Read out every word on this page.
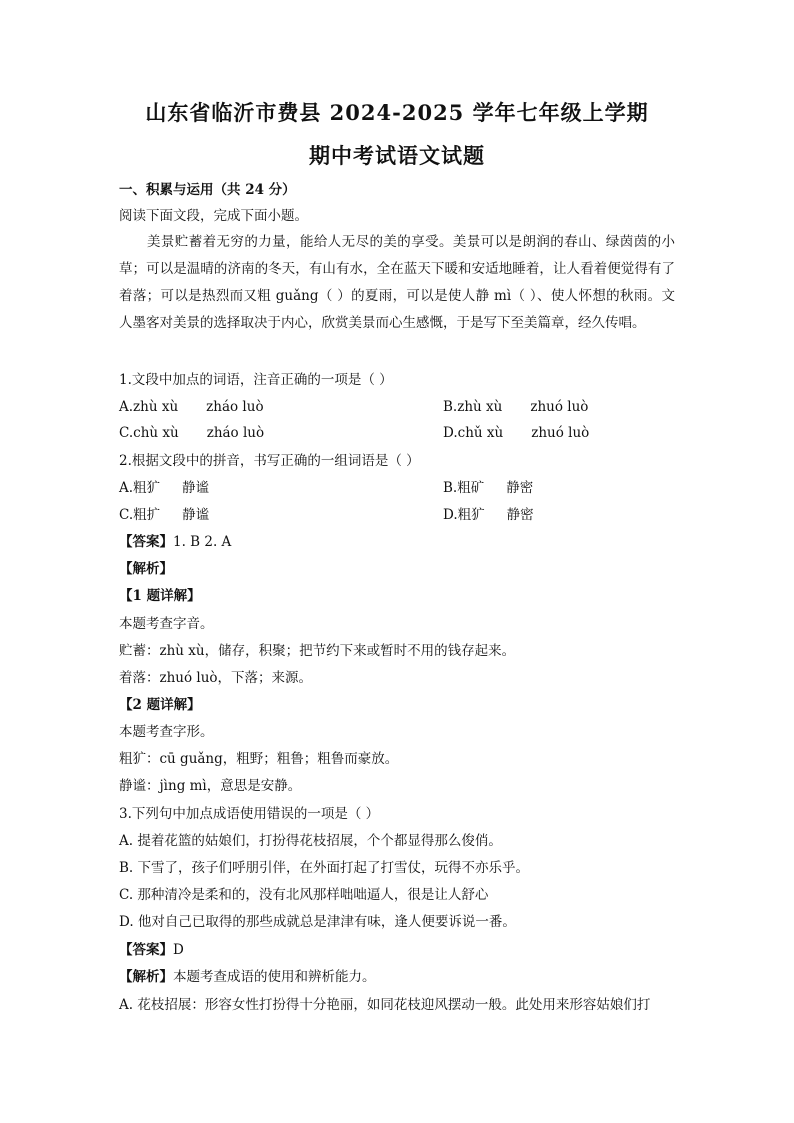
山东省临沂市费县 2024-2025 学年七年级上学期
期中考试语文试题
一、积累与运用（共 24 分）
阅读下面文段，完成下面小题。
美景贮蓄着无穷的力量，能给人无尽的美的享受。美景可以是朗润的春山、绿茵茵的小草；可以是温晴的济南的冬天，有山有水，全在蓝天下暖和安适地睡着，让人看着便觉得有了着落；可以是热烈而又粗 guǎng（ ）的夏雨，可以是使人静 mì（ ）、使人怀想的秋雨。文人墨客对美景的选择取决于内心，欣赏美景而心生感慨，于是写下至美篇章，经久传唱。
1.文段中加点的词语，注音正确的一项是（ ）
A.zhù xù zháo luò	B.zhù xù zhuó luò
C.chù xù zháo luò	D.chǔ xù zhuó luò
2.根据文段中的拼音，书写正确的一组词语是（ ）
A.粗犷 静谧	B.粗矿 静密
C.粗扩 静谧	D.粗犷 静密
【答案】1. B 2. A
【解析】
【1 题详解】
本题考查字音。
贮蓄：zhù xù，储存，积聚；把节约下来或暂时不用的钱存起来。
着落：zhuó luò，下落；来源。
【2 题详解】
本题考查字形。
粗犷：cū guǎng，粗野；粗鲁；粗鲁而豪放。
静谧：jìng mì，意思是安静。
3.下列句中加点成语使用错误的一项是（ ）
A. 提着花篮的姑娘们，打扮得花枝招展，个个都显得那么俊俏。
B. 下雪了，孩子们呼朋引伴，在外面打起了打雪仗，玩得不亦乐乎。
C. 那种清冷是柔和的，没有北风那样咄咄逼人，很是让人舒心
D. 他对自己已取得的那些成就总是津津有味，逢人便要诉说一番。
【答案】D
【解析】本题考查成语的使用和辨析能力。
A. 花枝招展：形容女性打扮得十分艳丽，如同花枝迎风摆动一般。此处用来形容姑娘们打
